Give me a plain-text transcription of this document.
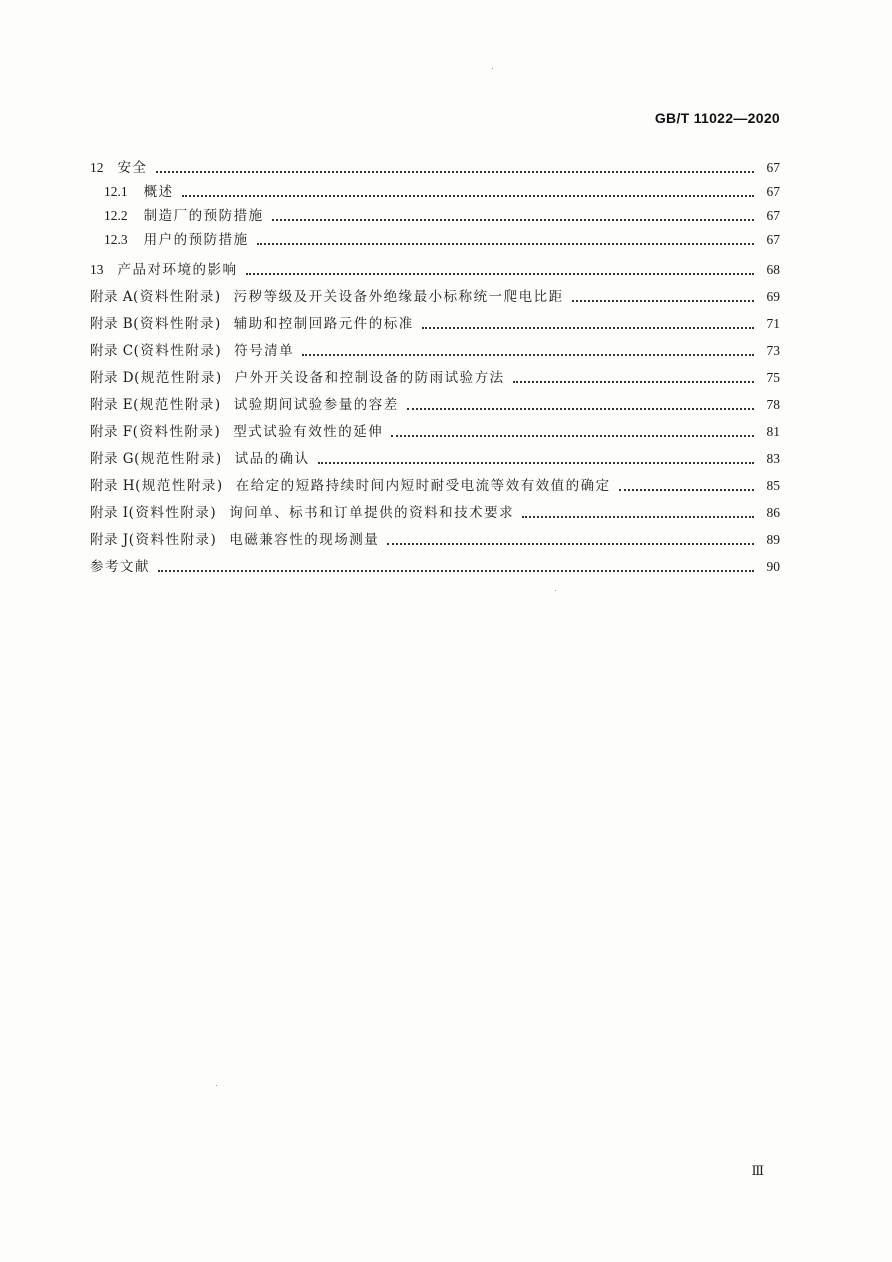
GB/T 11022—2020
12 安全	67
12.1 概述	67
12.2 制造厂的预防措施	67
12.3 用户的预防措施	67
13 产品对环境的影响	68
附录 A(资料性附录) 污秽等级及开关设备外绝缘最小标称统一爬电比距	69
附录 B(资料性附录) 辅助和控制回路元件的标准	71
附录 C(资料性附录) 符号清单	73
附录 D(规范性附录) 户外开关设备和控制设备的防雨试验方法	75
附录 E(规范性附录) 试验期间试验参量的容差	78
附录 F(资料性附录) 型式试验有效性的延伸	81
附录 G(规范性附录) 试品的确认	83
附录 H(规范性附录) 在给定的短路持续时间内短时耐受电流等效有效值的确定	85
附录 I(资料性附录) 询问单、标书和订单提供的资料和技术要求	86
附录 J(资料性附录) 电磁兼容性的现场测量	89
参考文献	90
Ⅲ
